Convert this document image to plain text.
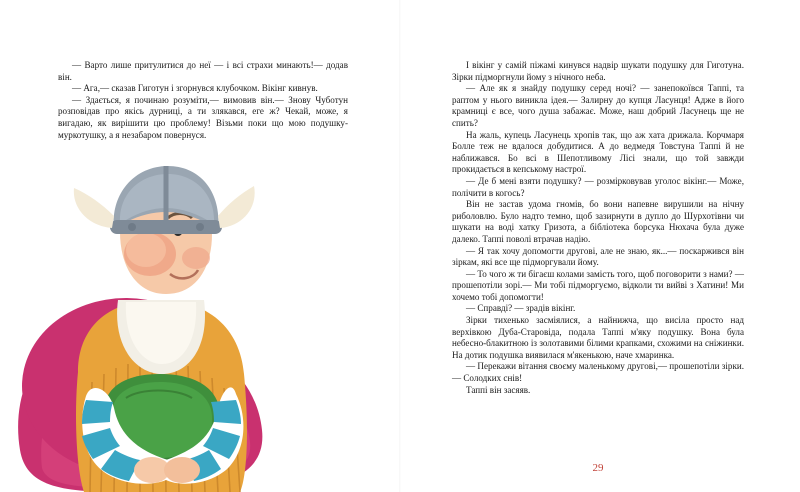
— Варто лише притулитися до неї — і всі страхи минають!— додав він.

— Ага,— сказав Гиготун і згорнувся клубочком. Вікінг кивнув.

— Здається, я починаю розуміти,— вимовив він.— Знову Чуботун розповідав про якісь дурниці, а ти злякався, еге ж? Чекай, може, я вигадаю, як вирішити цю проблему! Візьми поки що мою подушку-муркотушку, а я незабаром повернуся.

І вікінг у самій піжамі кинувся надвір шукати подушку для Гиготуна. Зірки підморгнули йому з нічного неба.

— Але як я знайду подушку серед ночі? — занепокоївся Таппі, та раптом у нього виникла ідея.— Залирну до купця Ласунця! Адже в його крамниці є все, чого душа забажає. Може, наш добрий Ласунець ще не спить?

На жаль, купець Ласунець хропів так, що аж хата дрижала. Корчмаря Болле теж не вдалося добудитися. А до ведмедя Товстуна Таппі й не наближався. Бо всі в Шепотливому Лісі знали, що той завжди прокидається в кепському настрої.

— Де б мені взяти подушку? — розмірковував уголос вікінг.— Може, полічити в когось?

Він не застав удома гномів, бо вони напевне вирушили на нічну риболовлю. Було надто темно, щоб зазирнути в дупло до Шурхотівни чи шукати на воді хатку Гризота, а бібліотека борсука Нюхача була дуже далеко. Таппі поволі втрачав надію.

— Я так хочу допомогти другові, але не знаю, як...— поскаржився він зіркам, які все ще підморгували йому.

— То чого ж ти бігаєш колами замість того, щоб поговорити з нами? — прошепотіли зорі.— Ми тобі підморгуємо, відколи ти вийві з Хатини! Ми хочемо тобі допомогти!

— Справді? — зрадів вікінг.

Зірки тихенько засміялися, а найнижча, що висіла просто над верхівкою Дуба-Старовіда, подала Таппі м'яку подушку. Вона була небесно-блакитною із золотавими білими крапками, схожими на сніжинки. На дотик подушка виявилася м'якенькою, наче хмаринка.

— Перекажи вітання своєму маленькому другові,— прошепотіли зірки.— Солодких снів!

Таппі він засяяв.

29
